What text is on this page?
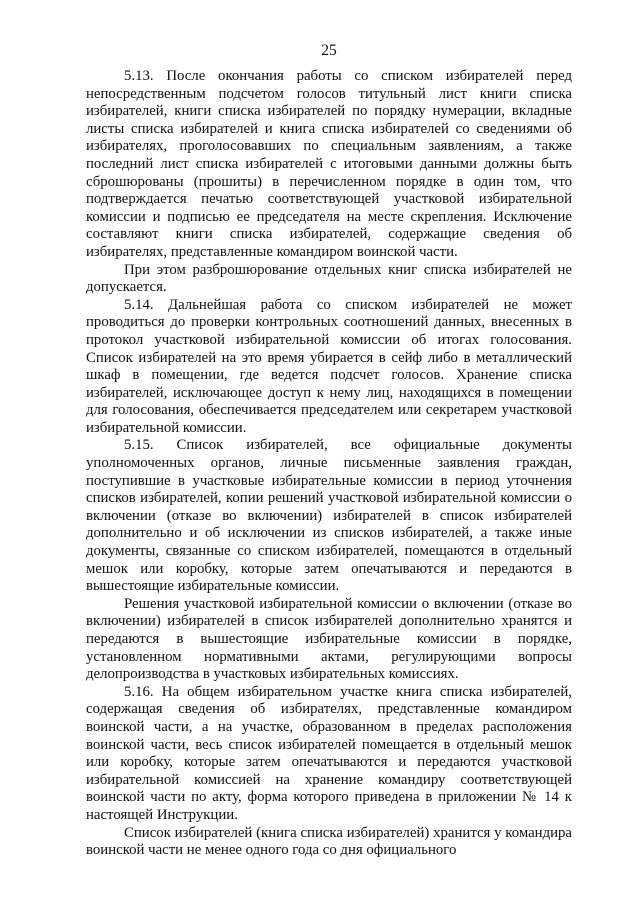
25

5.13. После окончания работы со списком избирателей перед непосредственным подсчетом голосов титульный лист книги списка избирателей, книги списка избирателей по порядку нумерации, вкладные листы списка избирателей и книга списка избирателей со сведениями об избирателях, проголосовавших по специальным заявлениям, а также последний лист списка избирателей с итоговыми данными должны быть сброшюрованы (прошиты) в перечисленном порядке в один том, что подтверждается печатью соответствующей участковой избирательной комиссии и подписью ее председателя на месте скрепления. Исключение составляют книги списка избирателей, содержащие сведения об избирателях, представленные командиром воинской части.

При этом разброшюрование отдельных книг списка избирателей не допускается.

5.14. Дальнейшая работа со списком избирателей не может проводиться до проверки контрольных соотношений данных, внесенных в протокол участковой избирательной комиссии об итогах голосования. Список избирателей на это время убирается в сейф либо в металлический шкаф в помещении, где ведется подсчет голосов. Хранение списка избирателей, исключающее доступ к нему лиц, находящихся в помещении для голосования, обеспечивается председателем или секретарем участковой избирательной комиссии.

5.15. Список избирателей, все официальные документы уполномоченных органов, личные письменные заявления граждан, поступившие в участковые избирательные комиссии в период уточнения списков избирателей, копии решений участковой избирательной комиссии о включении (отказе во включении) избирателей в список избирателей дополнительно и об исключении из списков избирателей, а также иные документы, связанные со списком избирателей, помещаются в отдельный мешок или коробку, которые затем опечатываются и передаются в вышестоящие избирательные комиссии.

Решения участковой избирательной комиссии о включении (отказе во включении) избирателей в список избирателей дополнительно хранятся и передаются в вышестоящие избирательные комиссии в порядке, установленном нормативными актами, регулирующими вопросы делопроизводства в участковых избирательных комиссиях.

5.16. На общем избирательном участке книга списка избирателей, содержащая сведения об избирателях, представленные командиром воинской части, а на участке, образованном в пределах расположения воинской части, весь список избирателей помещается в отдельный мешок или коробку, которые затем опечатываются и передаются участковой избирательной комиссией на хранение командиру соответствующей воинской части по акту, форма которого приведена в приложении № 14 к настоящей Инструкции.

Список избирателей (книга списка избирателей) хранится у командира воинской части не менее одного года со дня официального
